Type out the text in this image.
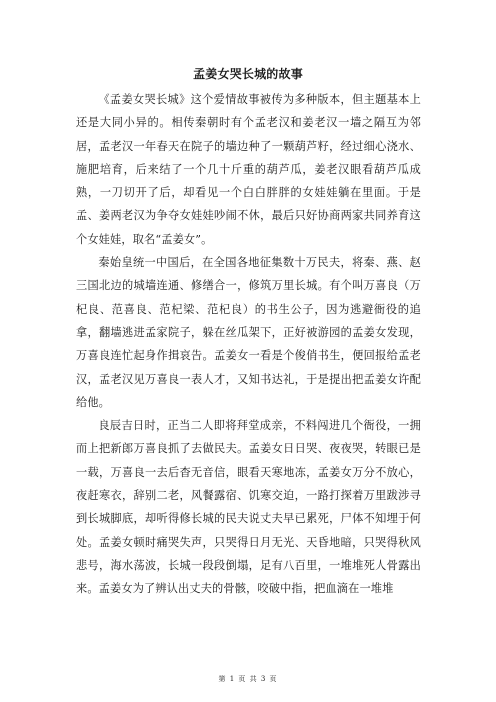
孟姜女哭长城的故事

《孟姜女哭长城》这个爱情故事被传为多种版本，但主题基本上还是大同小异的。相传秦朝时有个孟老汉和姜老汉一墙之隔互为邻居，孟老汉一年春天在院子的墙边种了一颗葫芦籽，经过细心浇水、施肥培育，后来结了一个几十斤重的葫芦瓜，姜老汉眼看葫芦瓜成熟，一刀切开了后，却看见一个白白胖胖的女娃娃躺在里面。于是孟、姜两老汉为争夺女娃娃吵闹不休，最后只好协商两家共同养育这个女娃娃，取名“孟姜女”。

秦始皇统一中国后，在全国各地征集数十万民夫，将秦、燕、赵三国北边的城墙连通、修缮合一，修筑万里长城。有个叫万喜良（万杞良、范喜良、范杞梁、范杞良）的书生公子，因为逃避衙役的追拿，翻墙逃进孟家院子，躲在丝瓜架下，正好被游园的孟姜女发现，万喜良连忙起身作揖哀告。孟姜女一看是个俊俏书生，便回报给孟老汉，孟老汉见万喜良一表人才，又知书达礼，于是提出把孟姜女许配给他。

良辰吉日时，正当二人即将拜堂成亲，不料闯进几个衙役，一拥而上把新郎万喜良抓了去做民夫。孟姜女日日哭、夜夜哭，转眼已是一载，万喜良一去后杳无音信，眼看天寒地冻，孟姜女万分不放心，夜赶寒衣，辞别二老，风餐露宿、饥寒交迫，一路打探着万里跋涉寻到长城脚底，却听得修长城的民夫说丈夫早已累死，尸体不知埋于何处。孟姜女顿时痛哭失声，只哭得日月无光、天昏地暗，只哭得秋风悲号，海水荡波，长城一段段倒塌，足有八百里，一堆堆死人骨露出来。孟姜女为了辨认出丈夫的骨骸，咬破中指，把血滴在一堆堆

第 1 页 共 3 页
